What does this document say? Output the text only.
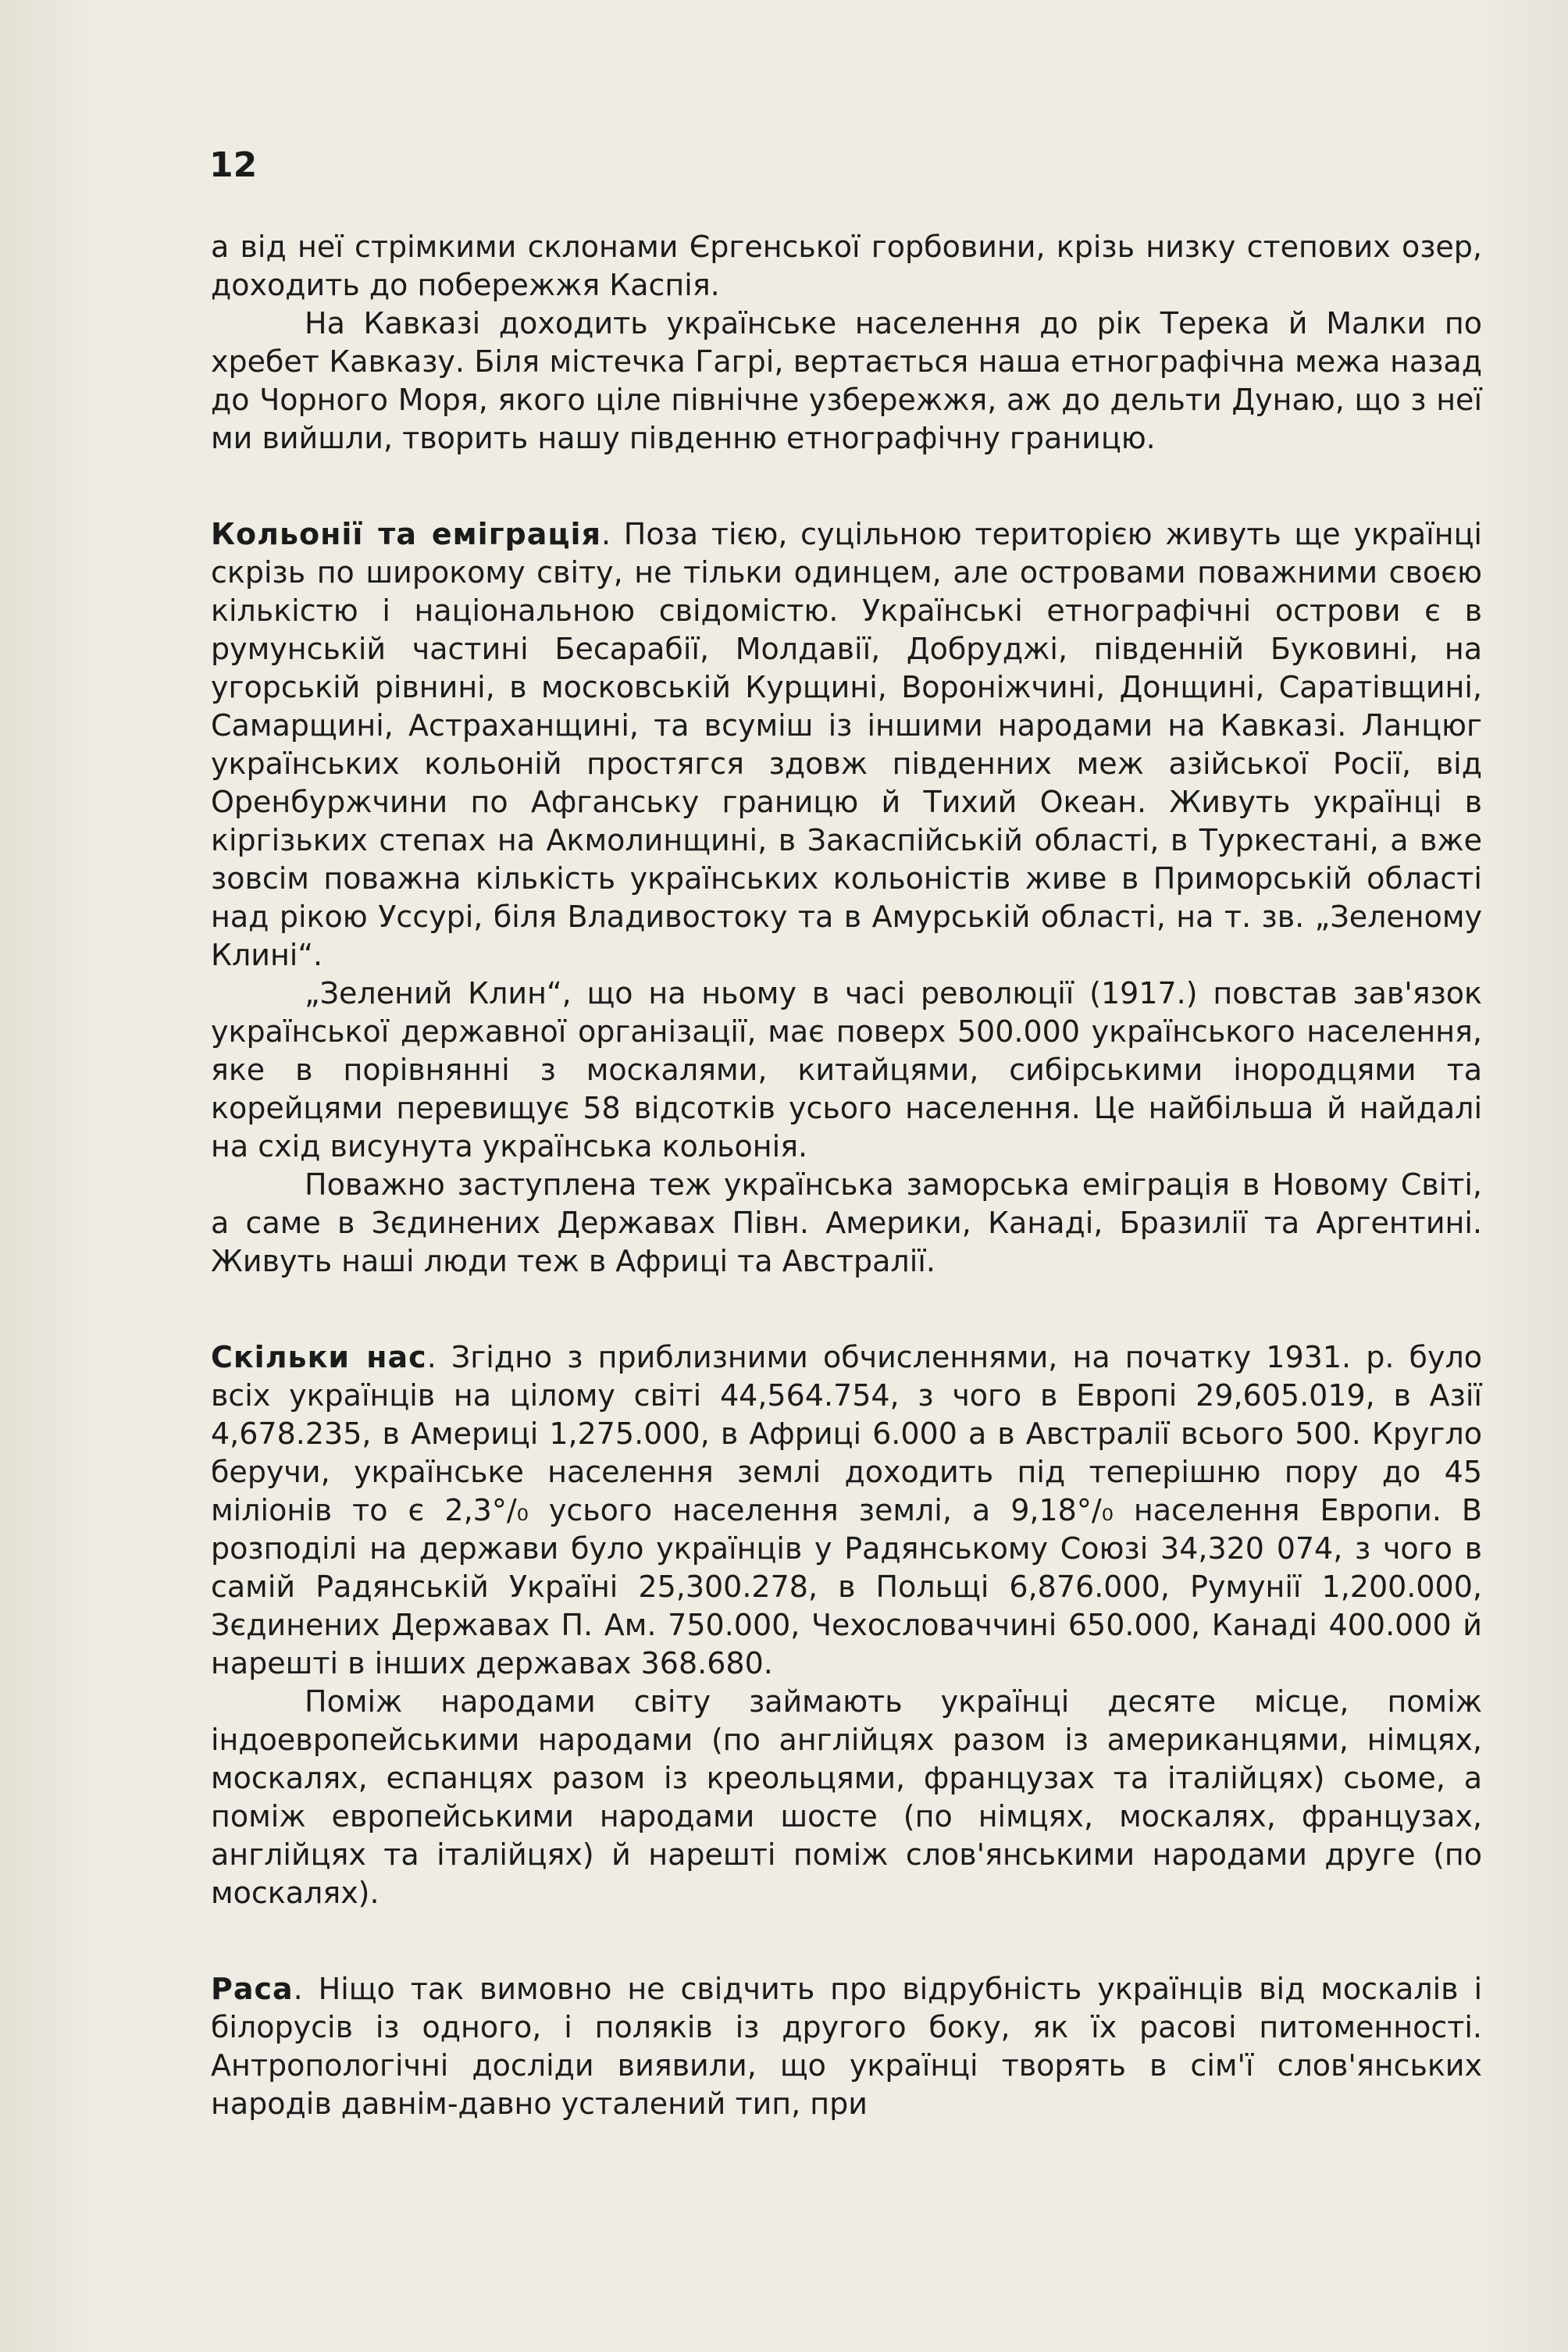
12

а від неї стрімкими склонами Єргенської горбовини, крізь низку степових озер, доходить до побережжя Каспія.

На Кавказі доходить українське населення до рік Терека й Малки по хребет Кавказу. Біля містечка Гагрі, вертається наша етнографічна межа назад до Чорного Моря, якого ціле північне узбережжя, аж до дельти Дунаю, що з неї ми вийшли, творить нашу південню етнографічну границю.

Кольонії та еміграція. Поза тією, суцільною територією живуть ще українці скрізь по широкому світу, не тільки одинцем, але островами поважними своєю кількістю і національною свідомістю. Українські етнографічні острови є в румунській частині Бесарабії, Молдавії, Добруджі, південній Буковині, на угорській рівнині, в московській Курщині, Вороніжчині, Донщині, Саратівщині, Самарщині, Астраханщині, та всуміш із іншими народами на Кавказі. Ланцюг українських кольоній простягся здовж південних меж азійської Росії, від Оренбуржчини по Афганську границю й Тихий Океан. Живуть українці в кіргізьких степах на Акмолинщині, в Закаспійській області, в Туркестані, а вже зовсім поважна кількість українських кольоністів живе в Приморській області над рікою Уссурі, біля Владивостоку та в Амурській області, на т. зв. „Зеленому Клині“.

„Зелений Клин“, що на ньому в часі революції (1917.) повстав зав'язок української державної організації, має поверх 500.000 українського населення, яке в порівнянні з москалями, китайцями, сибірськими інородцями та корейцями перевищує 58 відсотків усього населення. Це найбільша й найдалі на схід висунута українська кольонія.

Поважно заступлена теж українська заморська еміграція в Новому Світі, а саме в Зєдинених Державах Півн. Америки, Канаді, Бразилії та Аргентині. Живуть наші люди теж в Африці та Австралії.

Скільки нас. Згідно з приблизними обчисленнями, на початку 1931. р. було всіх українців на цілому світі 44,564.754, з чого в Европі 29,605.019, в Азії 4,678.235, в Америці 1,275.000, в Африці 6.000 а в Австралії всього 500. Кругло беручи, українське населення землі доходить під теперішню пору до 45 міліонів то є 2,3°/₀ усього населення землі, а 9,18°/₀ населення Европи. В розподілі на держави було українців у Радянському Союзі 34,320 074, з чого в самій Радянській Україні 25,300.278, в Польщі 6,876.000, Румунії 1,200.000, Зєдинених Державах П. Ам. 750.000, Чехословаччині 650.000, Канаді 400.000 й нарешті в інших державах 368.680.

Поміж народами світу займають українці десяте місце, поміж індоевропейськими народами (по англійцях разом із американцями, німцях, москалях, еспанцях разом із креольцями, французах та італійцях) сьоме, а поміж европейськими народами шосте (по німцях, москалях, французах, англійцях та італійцях) й нарешті поміж слов'янськими народами друге (по москалях).

Раса. Ніщо так вимовно не свідчить про відрубність українців від москалів і білорусів із одного, і поляків із другого боку, як їх расові питоменності. Антропологічні досліди виявили, що українці творять в сім'ї слов'янських народів давнім-давно усталений тип, при
